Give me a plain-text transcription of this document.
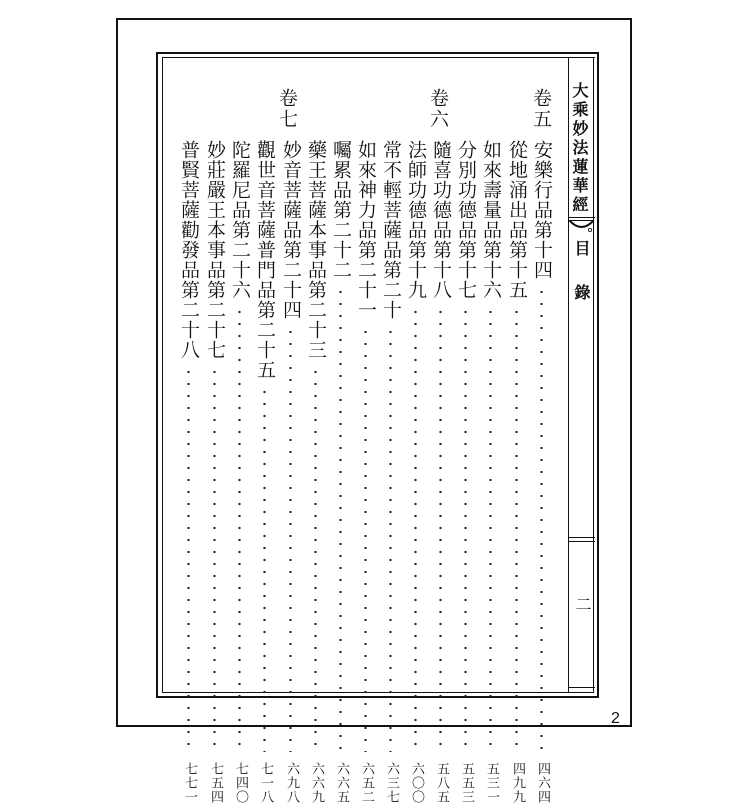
大乘妙法蓮華經
目錄
二
卷五
卷六
卷七
安樂行品第十四
四六四
從地涌出品第十五
四九九
如來壽量品第十六
五三一
分別功德品第十七
五五三
隨喜功德品第十八
五八五
法師功德品第十九
六〇〇
常不輕菩薩品第二十
六三七
如來神力品第二十一
六五二
囑累品第二十二
六六五
藥王菩薩本事品第二十三
六六九
妙音菩薩品第二十四
六九八
觀世音菩薩普門品第二十五
七一八
陀羅尼品第二十六
七四〇
妙莊嚴王本事品第二十七
七五四
普賢菩薩勸發品第二十八
七七一
2
